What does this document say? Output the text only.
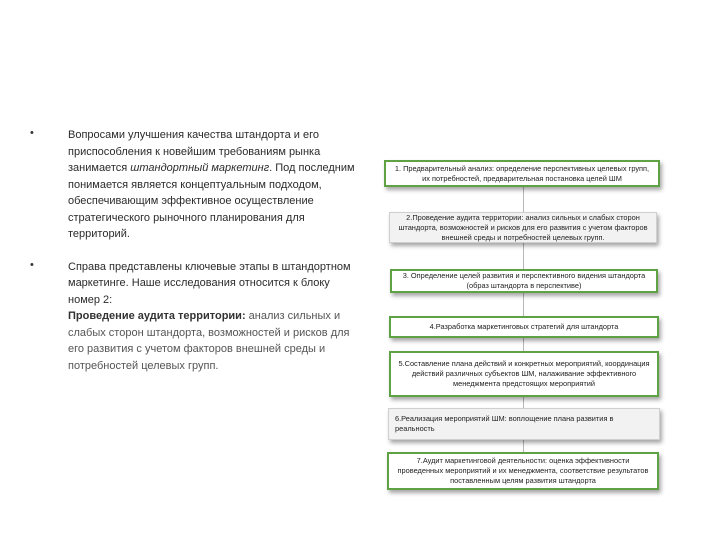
•	Вопросами улучшения качества штандорта и его приспособления к новейшим требованиям рынка занимается штандортный маркетинг. Под последним понимается является концептуальным подходом, обеспечивающим эффективное осуществление стратегического рыночного планирования для территорий.
•	Справа представлены ключевые этапы в штандортном маркетинге. Наше исследования относится к блоку номер 2:
Проведение аудита территории: анализ сильных и слабых сторон штандорта, возможностей и рисков для его развития с учетом факторов внешней среды и потребностей целевых групп.
1. Предварительный анализ: определение перспективных целевых групп, их потребностей, предварительная постановка целей ШМ
2.Проведение аудита территории: анализ сильных и слабых сторон штандорта, возможностей и рисков для его развития с учетом факторов внешней среды и потребностей целевых групп.
3. Определение целей развития и перспективного видения штандорта (образ штандорта в перспективе)
4.Разработка маркетинговых стратегий для штандорта
5.Составление плана действий и конкретных мероприятий, координация действий различных субъектов ШМ, налаживание эффективного менеджмента предстоящих мероприятий
6.Реализация мероприятий ШМ: воплощение плана развития в реальность
7.Аудит маркетинговой деятельности: оценка эффективности проведенных мероприятий и их менеджмента, соответствие результатов поставленным целям развития штандорта
